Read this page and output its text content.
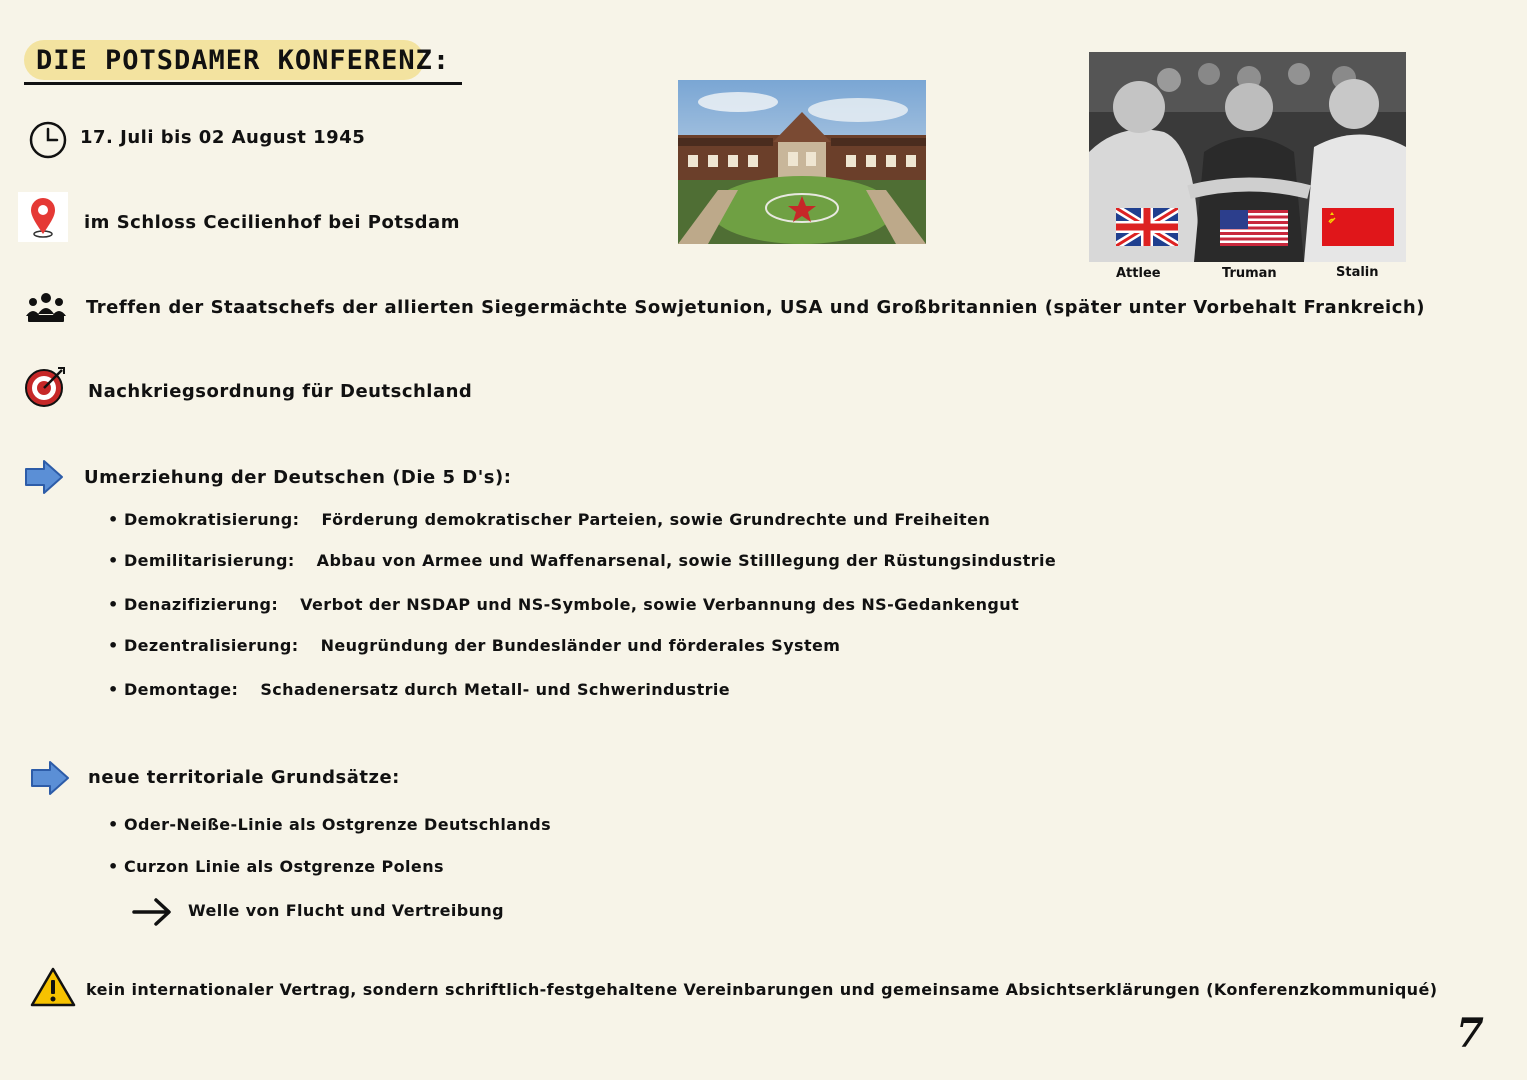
DIE POTSDAMER KONFERENZ:
17. Juli bis 02 August 1945
im Schloss Cecilienhof bei Potsdam
Attlee	Truman	Stalin
Treffen der Staatschefs der allierten Siegermächte Sowjetunion, USA und Großbritannien (später unter Vorbehalt Frankreich)
Nachkriegsordnung für Deutschland
Umerziehung der Deutschen (Die 5 D's):
• Demokratisierung: Förderung demokratischer Parteien, sowie Grundrechte und Freiheiten
• Demilitarisierung: Abbau von Armee und Waffenarsenal, sowie Stilllegung der Rüstungsindustrie
• Denazifizierung: Verbot der NSDAP und NS-Symbole, sowie Verbannung des NS-Gedankengut
• Dezentralisierung: Neugründung der Bundesländer und förderales System
• Demontage: Schadenersatz durch Metall- und Schwerindustrie
neue territoriale Grundsätze:
• Oder-Neiße-Linie als Ostgrenze Deutschlands
• Curzon Linie als Ostgrenze Polens
Welle von Flucht und Vertreibung
kein internationaler Vertrag, sondern schriftlich-festgehaltene Vereinbarungen und gemeinsame Absichtserklärungen (Konferenzkommuniqué)
7
